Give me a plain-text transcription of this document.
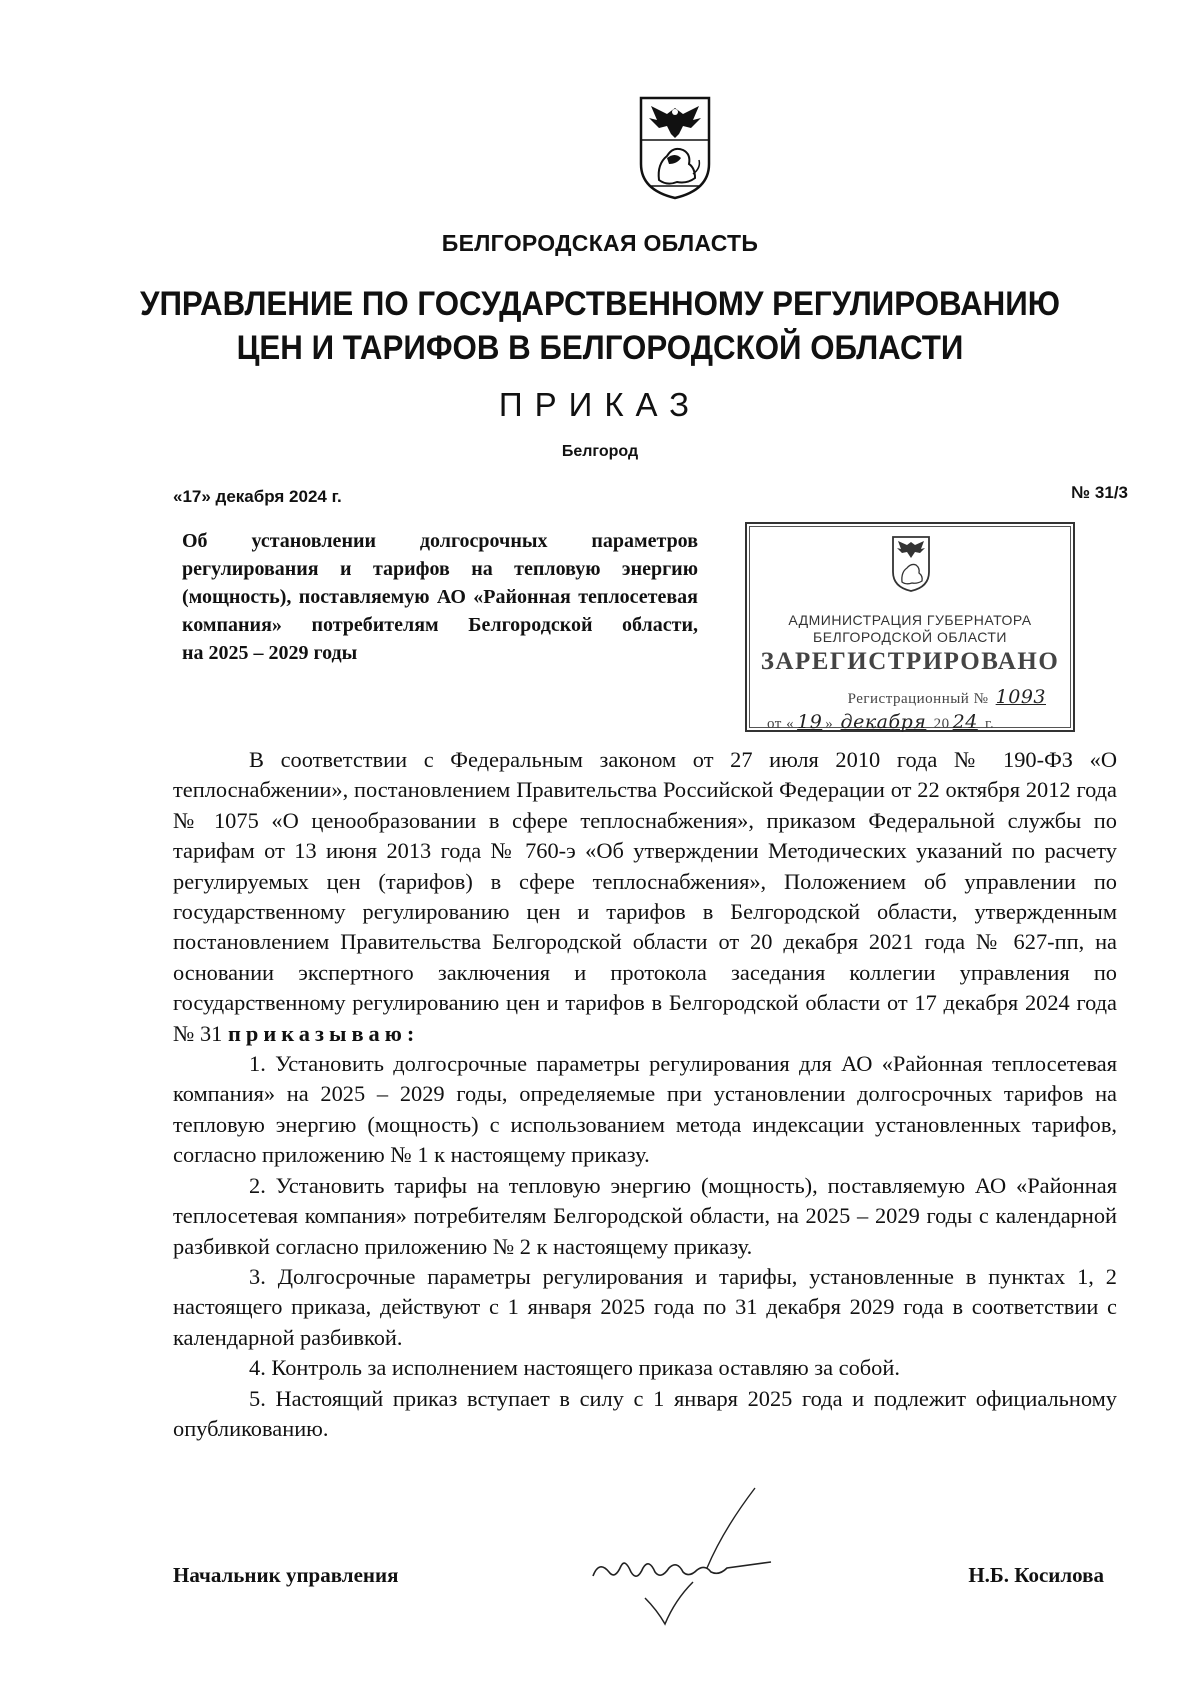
БЕЛГОРОДСКАЯ ОБЛАСТЬ
УПРАВЛЕНИЕ ПО ГОСУДАРСТВЕННОМУ РЕГУЛИРОВАНИЮ
ЦЕН И ТАРИФОВ В БЕЛГОРОДСКОЙ ОБЛАСТИ
ПРИКАЗ
Белгород
«17» декабря 2024 г.	№ 31/3
Об установлении долгосрочных параметров регулирования и тарифов на тепловую энергию (мощность), поставляемую АО «Районная теплосетевая компания» потребителям Белгородской области,
на 2025 – 2029 годы
АДМИНИСТРАЦИЯ ГУБЕРНАТОРА
БЕЛГОРОДСКОЙ ОБЛАСТИ
ЗАРЕГИСТРИРОВАНО
Регистрационный № 1093
от « 19 » декабря 20 24 г.

В соответствии с Федеральным законом от 27 июля 2010 года № 190-ФЗ «О теплоснабжении», постановлением Правительства Российской Федерации от 22 октября 2012 года № 1075 «О ценообразовании в сфере теплоснабжения», приказом Федеральной службы по тарифам от 13 июня 2013 года № 760-э «Об утверждении Методических указаний по расчету регулируемых цен (тарифов) в сфере теплоснабжения», Положением об управлении по государственному регулированию цен и тарифов в Белгородской области, утвержденным постановлением Правительства Белгородской области от 20 декабря 2021 года № 627-пп, на основании экспертного заключения и протокола заседания коллегии управления по государственному регулированию цен и тарифов в Белгородской области от 17 декабря 2024 года № 31 приказываю:

1. Установить долгосрочные параметры регулирования для АО «Районная теплосетевая компания» на 2025 – 2029 годы, определяемые при установлении долгосрочных тарифов на тепловую энергию (мощность) с использованием метода индексации установленных тарифов, согласно приложению № 1 к настоящему приказу.

2. Установить тарифы на тепловую энергию (мощность), поставляемую АО «Районная теплосетевая компания» потребителям Белгородской области, на 2025 – 2029 годы с календарной разбивкой согласно приложению № 2 к настоящему приказу.

3. Долгосрочные параметры регулирования и тарифы, установленные в пунктах 1, 2 настоящего приказа, действуют с 1 января 2025 года по 31 декабря 2029 года в соответствии с календарной разбивкой.

4. Контроль за исполнением настоящего приказа оставляю за собой.

5. Настоящий приказ вступает в силу с 1 января 2025 года и подлежит официальному опубликованию.

Начальник управления	Н.Б. Косилова
